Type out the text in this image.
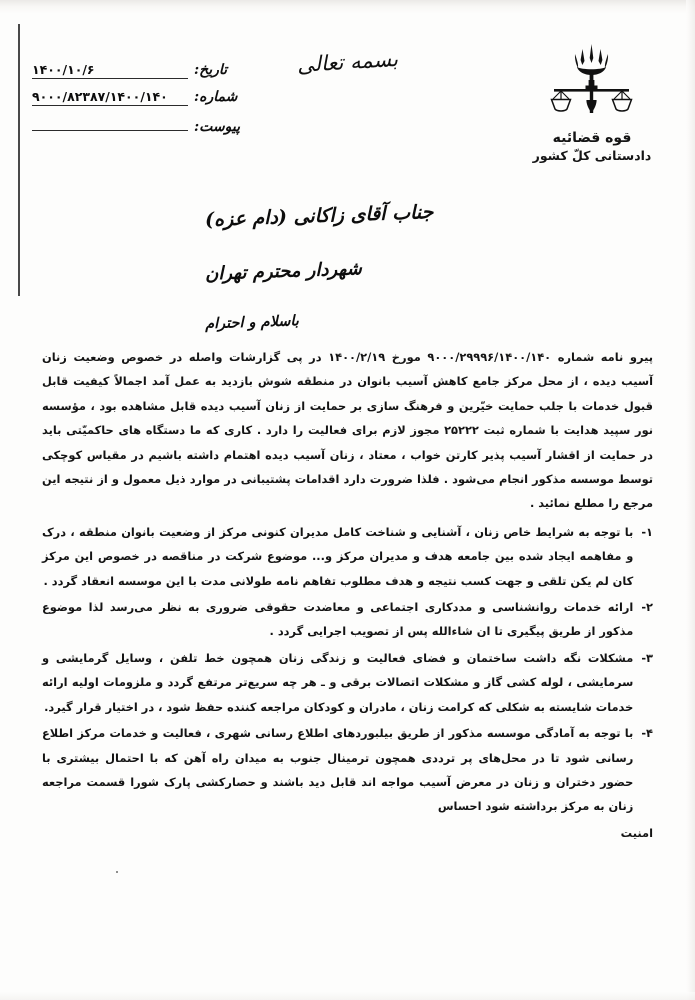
قوه قضائیه
دادستانی کلّ کشور
بسمه تعالی
تاریخ:
۱۴۰۰/۱۰/۶
شماره:
۹۰۰۰/۸۲۳۸۷/۱۴۰۰/۱۴۰
پیوست:
جناب آقای زاکانی (دام عزه)
شهردار محترم تهران
باسلام و احترام

پیرو نامه شماره ۹۰۰۰/۲۹۹۹۶/۱۴۰۰/۱۴۰ مورخ ۱۴۰۰/۲/۱۹ در پی گزارشات واصله در خصوص وضعیت زنان آسیب دیده ، از محل مرکز جامع کاهش آسیب بانوان در منطقه شوش بازدید به عمل آمد اجمالاً کیفیت قابل قبول خدمات با جلب حمایت خیّرین و فرهنگ سازی بر حمایت از زنان آسیب دیده قابل مشاهده بود ، مؤسسه نور سپید هدایت با شماره ثبت ۲۵۲۲۲ مجوز لازم برای فعالیت را دارد . کاری که ما دستگاه های حاکمیّتی باید در حمایت از اقشار آسیب پذیر کارتن خواب ، معتاد ، زنان آسیب دیده اهتمام داشته باشیم در مقیاس کوچکی توسط موسسه مذکور انجام می‌شود . فلذا ضرورت دارد اقدامات پشتیبانی در موارد ذیل معمول و از نتیجه این مرجع را مطلع نمائید .

۱-
با توجه به شرایط خاص زنان ، آشنایی و شناخت کامل مدیران کنونی مرکز از وضعیت بانوان منطقه ، درک و مفاهمه ایجاد شده بین جامعه هدف و مدیران مرکز و... موضوع شرکت در مناقصه در خصوص این مرکز کان لم یکن تلقی و جهت کسب نتیجه و هدف مطلوب تفاهم نامه طولانی مدت با این موسسه انعقاد گردد .
۲-
ارائه خدمات روانشناسی و مددکاری اجتماعی و معاضدت حقوقی ضروری به نظر می‌رسد لذا موضوع مذکور از طریق پیگیری تا ان شاءالله پس از تصویب اجرایی گردد .
۳-
مشکلات نگه داشت ساختمان و فضای فعالیت و زندگی زنان همچون خط تلفن ، وسایل گرمایشی و سرمایشی ، لوله کشی گاز و مشکلات اتصالات برقی و ـ هر چه سریع‌تر مرتفع گردد و ملزومات اولیه ارائه خدمات شایسته به شکلی که کرامت زنان ، مادران و کودکان مراجعه کننده حفظ شود ، در اختیار قرار گیرد.
۴-
با توجه به آمادگی موسسه مذکور از طریق بیلبوردهای اطلاع رسانی شهری ، فعالیت و خدمات مرکز اطلاع رسانی شود تا در محل‌های پر ترددی همچون ترمینال جنوب به میدان راه آهن که با احتمال بیشتری با حضور دختران و زنان در معرض آسیب مواجه اند قابل دید باشند و حصارکشی پارک شورا قسمت مراجعه زنان به مرکز برداشته شود احساس

امنیت
